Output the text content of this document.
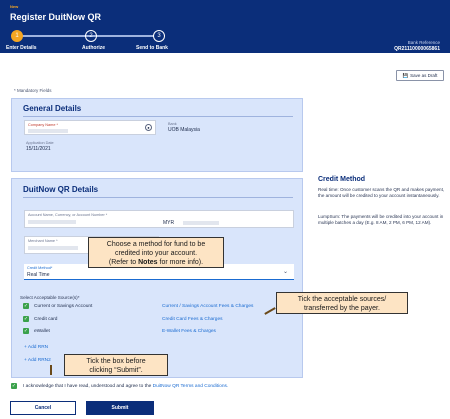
New
Register DuitNow QR
1	2	3
Enter Details	Authorize	Send to Bank
Bank Reference
QR21110000065861
💾 Save as Draft
* Mandatory Fields
General Details
Company Name *	●
Bank
UOB Malaysia
Application Date
15/11/2021
DuitNow QR Details
Account Name, Currency, or Account Number *
MYR
Merchant Name *
Credit Method*
Real Time	⌄
Select Acceptable Source(s)*
✓ Current or Savings Account	Current / Savings Account Fees & Charges
✓ Credit card	Credit Card Fees & Charges
✓ eWallet	E-Wallet Fees & Charges
+ Add RRN
+ Add RRN2
Credit Method
Real time: Once customer scans the QR and makes payment, the amount will be credited to your account instantaneously.
LumpSum: The payments will be credited into your account in multiple batches a day (E.g. 8 AM, 2 PM, 6 PM, 12 AM).
✓ I acknowledge that I have read, understood and agree to the DuitNow QR Terms and Conditions.
Cancel	Submit
Choose a method for fund to be
credited into your account.
(Refer to Notes for more info).
Tick the acceptable sources/
transferred by the payer.
Tick the box before
clicking “Submit”.
